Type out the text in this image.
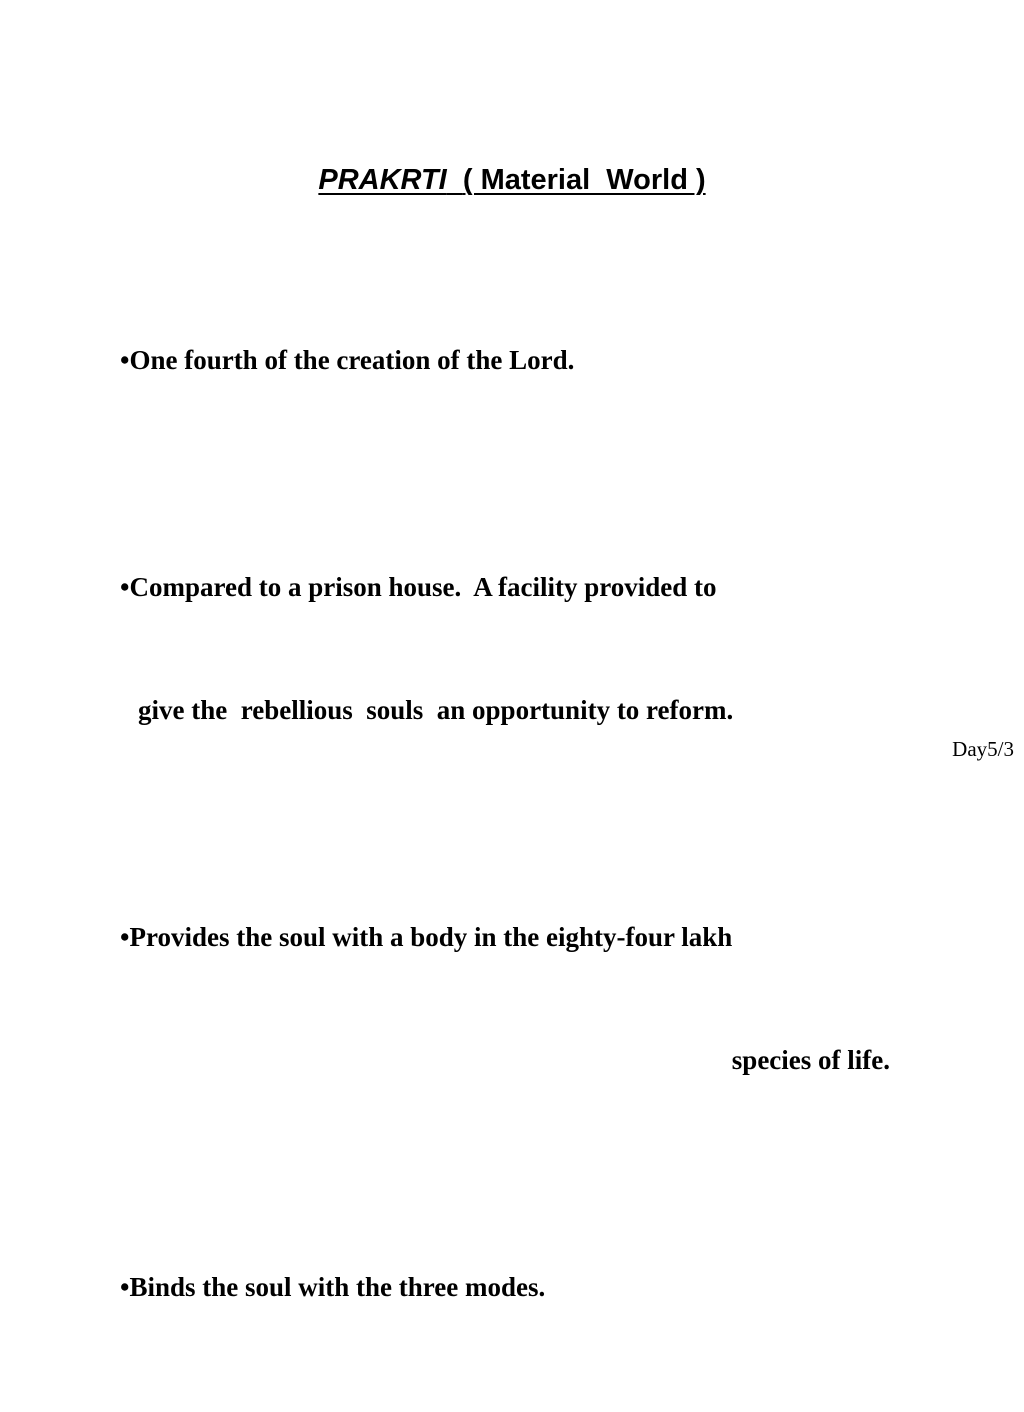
PRAKRTI ( Material  World )

•One fourth of the creation of the Lord.

•Compared to a prison house.  A facility provided to

give the  rebellious  souls  an opportunity to reform.

•Provides the soul with a body in the eighty-four lakh

species of life.

•Binds the soul with the three modes.

Day5/3
